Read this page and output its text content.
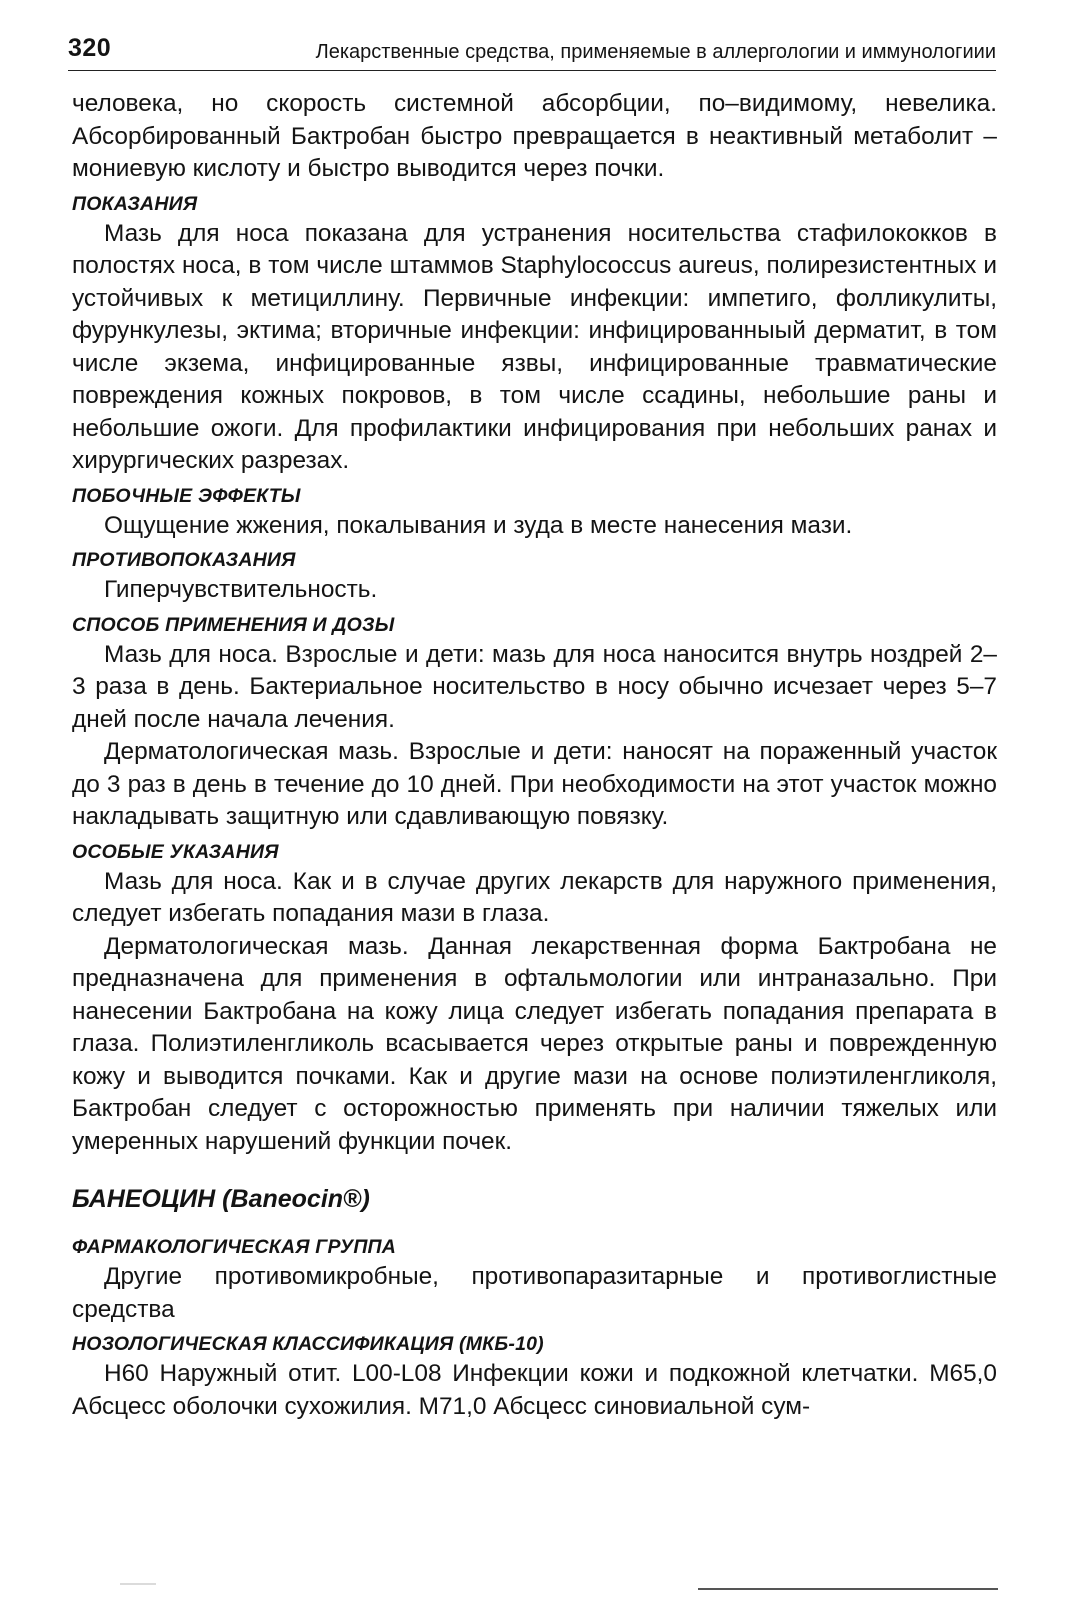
320	Лекарственные средства, применяемые в аллергологии и иммунологиии

человека, но скорость системной абсорбции, по–видимому, невелика. Абсорбированный Бактробан быстро превращается в неактивный метаболит – мониевую кислоту и быстро выводится через почки.

ПОКАЗАНИЯ

Мазь для носа показана для устранения носительства стафилококков в полостях носа, в том числе штаммов Staphylococcus aureus, полирезистентных и устойчивых к метициллину. Первичные инфекции: импетиго, фолликулиты, фурункулезы, эктима; вторичные инфекции: инфицированныый дерматит, в том числе экзема, инфицированные язвы, инфицированные травматические повреждения кожных покровов, в том числе ссадины, небольшие раны и небольшие ожоги. Для профилактики инфицирования при небольших ранах и хирургических разрезах.

ПОБОЧНЫЕ ЭФФЕКТЫ

Ощущение жжения, покалывания и зуда в месте нанесения мази.

ПРОТИВОПОКАЗАНИЯ

Гиперчувствительность.

СПОСОБ ПРИМЕНЕНИЯ И ДОЗЫ

Мазь для носа. Взрослые и дети: мазь для носа наносится внутрь ноздрей 2–3 раза в день. Бактериальное носительство в носу обычно исчезает через 5–7 дней после начала лечения.

Дерматологическая мазь. Взрослые и дети: наносят на пораженный участок до 3 раз в день в течение до 10 дней. При необходимости на этот участок можно накладывать защитную или сдавливающую повязку.

ОСОБЫЕ УКАЗАНИЯ

Мазь для носа. Как и в случае других лекарств для наружного применения, следует избегать попадания мази в глаза.

Дерматологическая мазь. Данная лекарственная форма Бактробана не предназначена для применения в офтальмологии или интраназально. При нанесении Бактробана на кожу лица следует избегать попадания препарата в глаза. Полиэтиленгликоль всасывается через открытые раны и поврежденную кожу и выводится почками. Как и другие мази на основе полиэтиленгликоля, Бактробан следует с осторожностью применять при наличии тяжелых или умеренных нарушений функции почек.

БАНЕОЦИН (Baneocin®)
ФАРМАКОЛОГИЧЕСКАЯ ГРУППА

Другие противомикробные, противопаразитарные и противоглистные средства

НОЗОЛОГИЧЕСКАЯ КЛАССИФИКАЦИЯ (МКБ-10)

H60 Наружный отит. L00-L08 Инфекции кожи и подкожной клетчатки. M65,0 Абсцесс оболочки сухожилия. M71,0 Абсцесс синовиальной сум-
